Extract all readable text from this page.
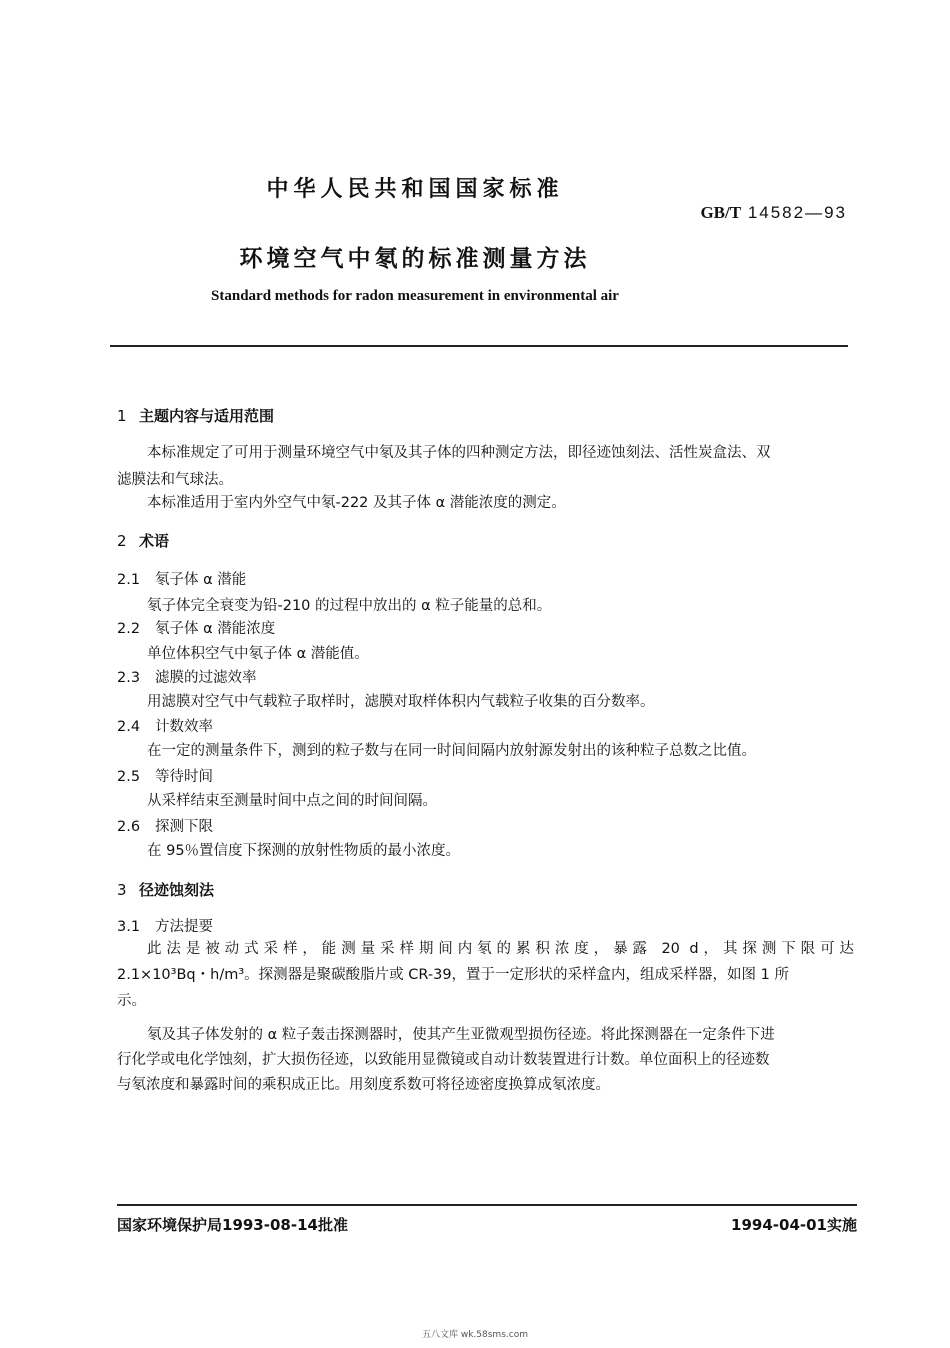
中华人民共和国国家标准
GB/T 14582—93
环境空气中氡的标准测量方法
Standard methods for radon measurement in environmental air
1 主题内容与适用范围
本标准规定了可用于测量环境空气中氡及其子体的四种测定方法，即径迹蚀刻法、活性炭盒法、双
滤膜法和气球法。
本标准适用于室内外空气中氡-222 及其子体 α 潜能浓度的测定。
2 术语
2.1 氡子体 α 潜能
氡子体完全衰变为铅-210 的过程中放出的 α 粒子能量的总和。
2.2 氡子体 α 潜能浓度
单位体积空气中氡子体 α 潜能值。
2.3 滤膜的过滤效率
用滤膜对空气中气载粒子取样时，滤膜对取样体积内气载粒子收集的百分数率。
2.4 计数效率
在一定的测量条件下，测到的粒子数与在同一时间间隔内放射源发射出的该种粒子总数之比值。
2.5 等待时间
从采样结束至测量时间中点之间的时间间隔。
2.6 探测下限
在 95％置信度下探测的放射性物质的最小浓度。
3 径迹蚀刻法
3.1 方法提要
此法是被动式采样，能测量采样期间内氡的累积浓度，暴露 20 d，其探测下限可达
2.1×10³Bq・h/m³。探测器是聚碳酸脂片或 CR-39，置于一定形状的采样盒内，组成采样器，如图 1 所
示。
氡及其子体发射的 α 粒子轰击探测器时，使其产生亚微观型损伤径迹。将此探测器在一定条件下进
行化学或电化学蚀刻，扩大损伤径迹，以致能用显微镜或自动计数装置进行计数。单位面积上的径迹数
与氡浓度和暴露时间的乘积成正比。用刻度系数可将径迹密度换算成氡浓度。
国家环境保护局1993-08-14批准	1994-04-01实施
五八文库 wk.58sms.com
